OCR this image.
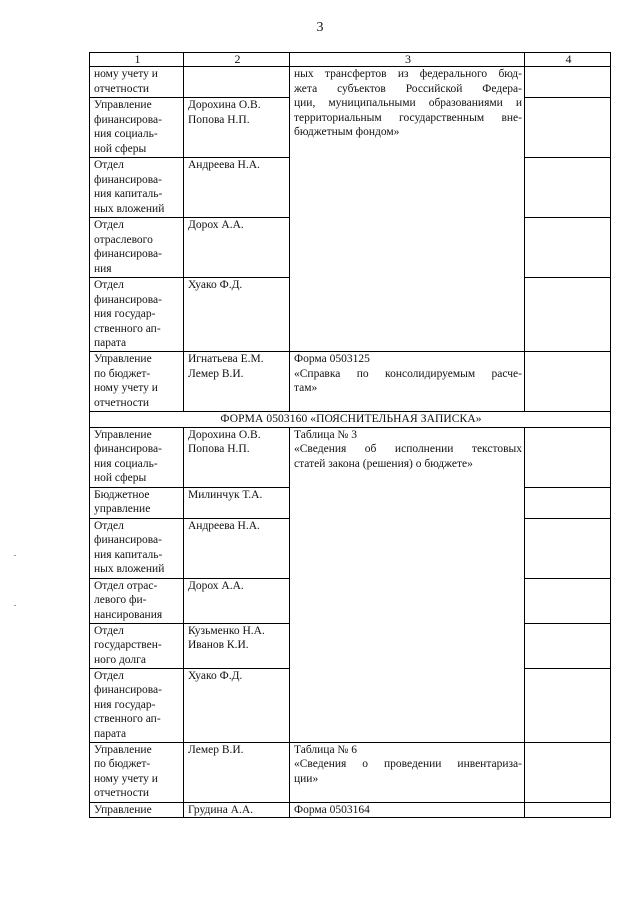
3
1	2	3	4

ному учету и
отчетности		ных трансфертов из федерального бюд-
жета субъектов Российской Федера-
ции, муниципальными образованиями и
территориальным государственным вне-
бюджетным фондом»	

Управление
финансирова-
ния социаль-
ной сферы	Дорохина О.В.
Попова Н.П.		

Отдел
финансирова-
ния капиталь-
ных вложений	Андреева Н.А.		

Отдел
отраслевого
финансирова-
ния	Дорох А.А.		

Отдел
финансирова-
ния государ-
ственного ап-
парата	Хуако Ф.Д.		

Управление
по бюджет-
ному учету и
отчетности	Игнатьева Е.М.
Лемер В.И.	Форма 0503125
«Справка по консолидируемым расче-
там»	

ФОРМА 0503160 «ПОЯСНИТЕЛЬНАЯ ЗАПИСКА»			

Управление
финансирова-
ния социаль-
ной сферы	Дорохина О.В.
Попова Н.П.	Таблица № 3
«Сведения об исполнении текстовых
статей закона (решения) о бюджете»	

Бюджетное
управление	Милинчук Т.А.		

Отдел
финансирова-
ния капиталь-
ных вложений	Андреева Н.А.		

Отдел отрас-
левого фи-
нансирования	Дорох А.А.		

Отдел
государствен-
ного долга	Кузьменко Н.А.
Иванов К.И.		

Отдел
финансирова-
ния государ-
ственного ап-
парата	Хуако Ф.Д.		

Управление
по бюджет-
ному учету и
отчетности	Лемер В.И.	Таблица № 6
«Сведения о проведении инвентариза-
ции»	

Управление	Грудина А.А.	Форма 0503164	
